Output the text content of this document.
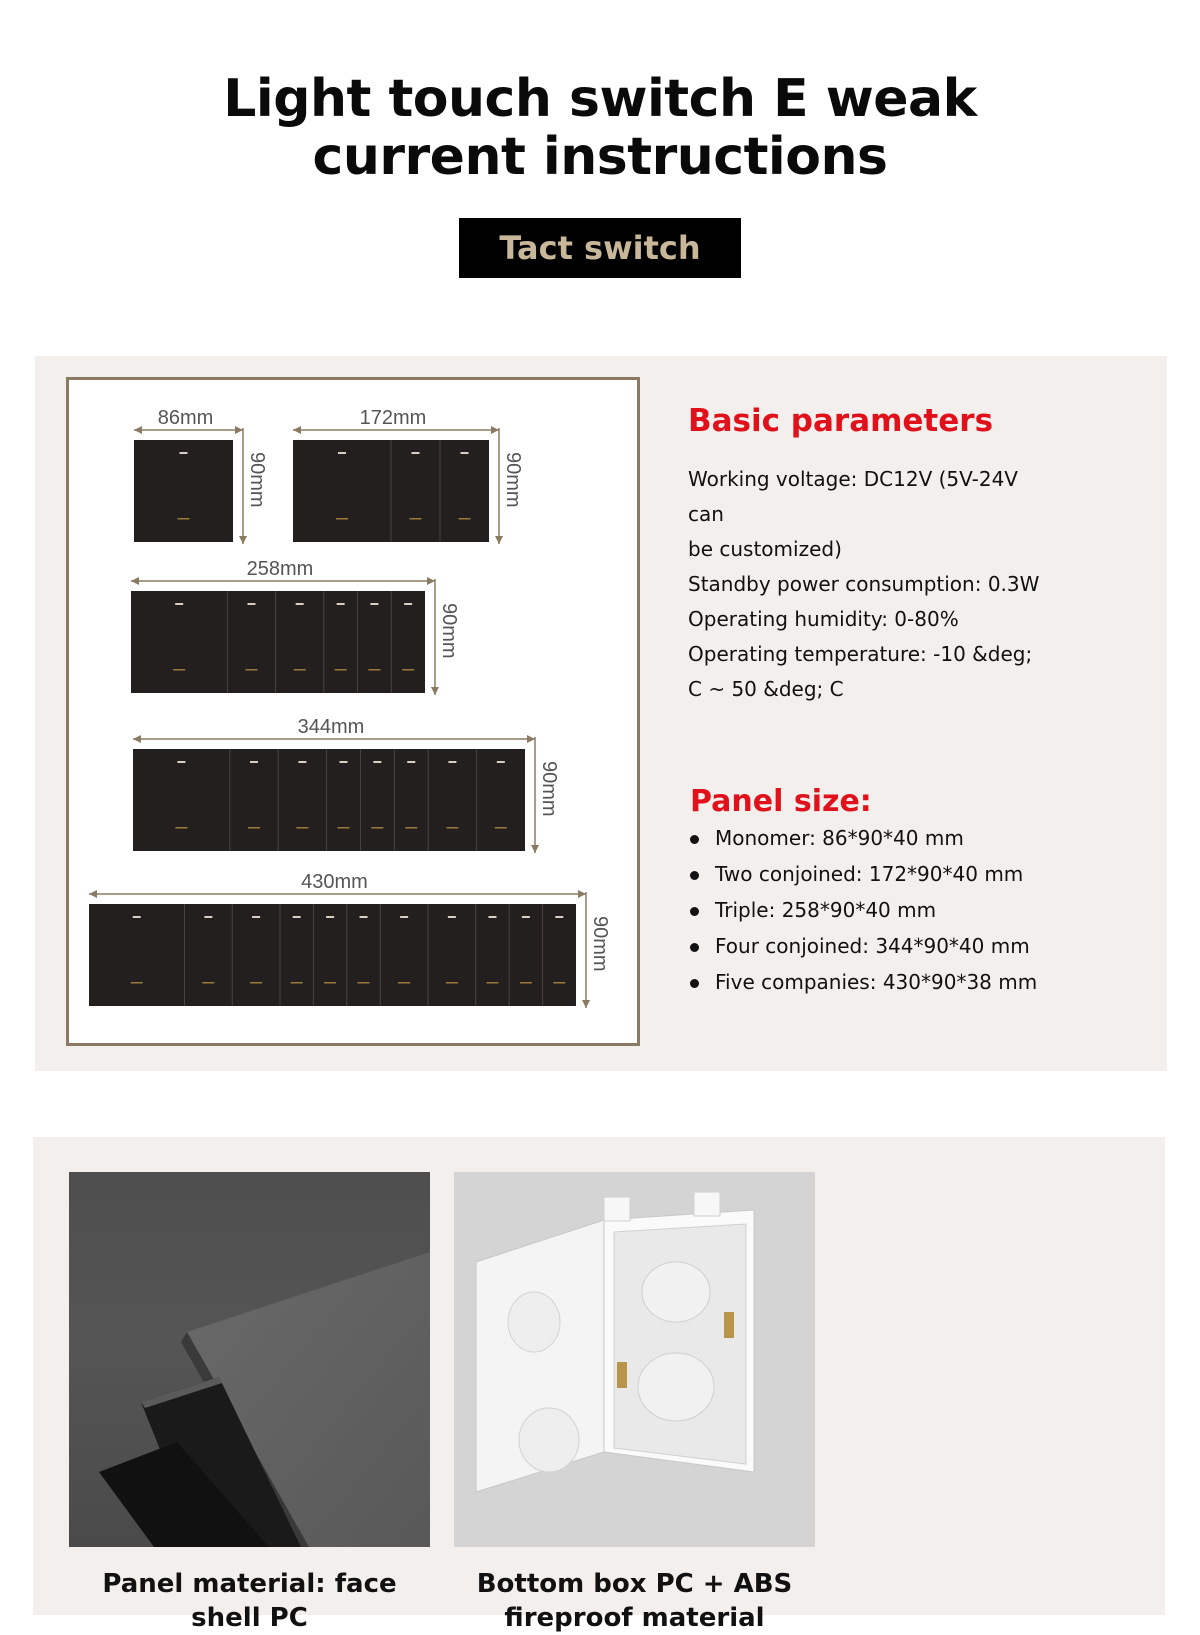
Light touch switch E weak
current instructions
Tact switch
86mm
90mm
172mm
90mm
258mm
90mm
344mm
90mm
430mm
90mm
Basic parameters
Working voltage: DC12V (5V-24V can
be customized)
Standby power consumption: 0.3W
Operating humidity: 0-80%
Operating temperature: -10 &deg;
C ~ 50 &deg; C
Panel size:
Monomer: 86*90*40 mm
Two conjoined: 172*90*40 mm
Triple: 258*90*40 mm
Four conjoined: 344*90*40 mm
Five companies: 430*90*38 mm
Panel material: face shell PC
Bottom box PC + ABS fireproof material
